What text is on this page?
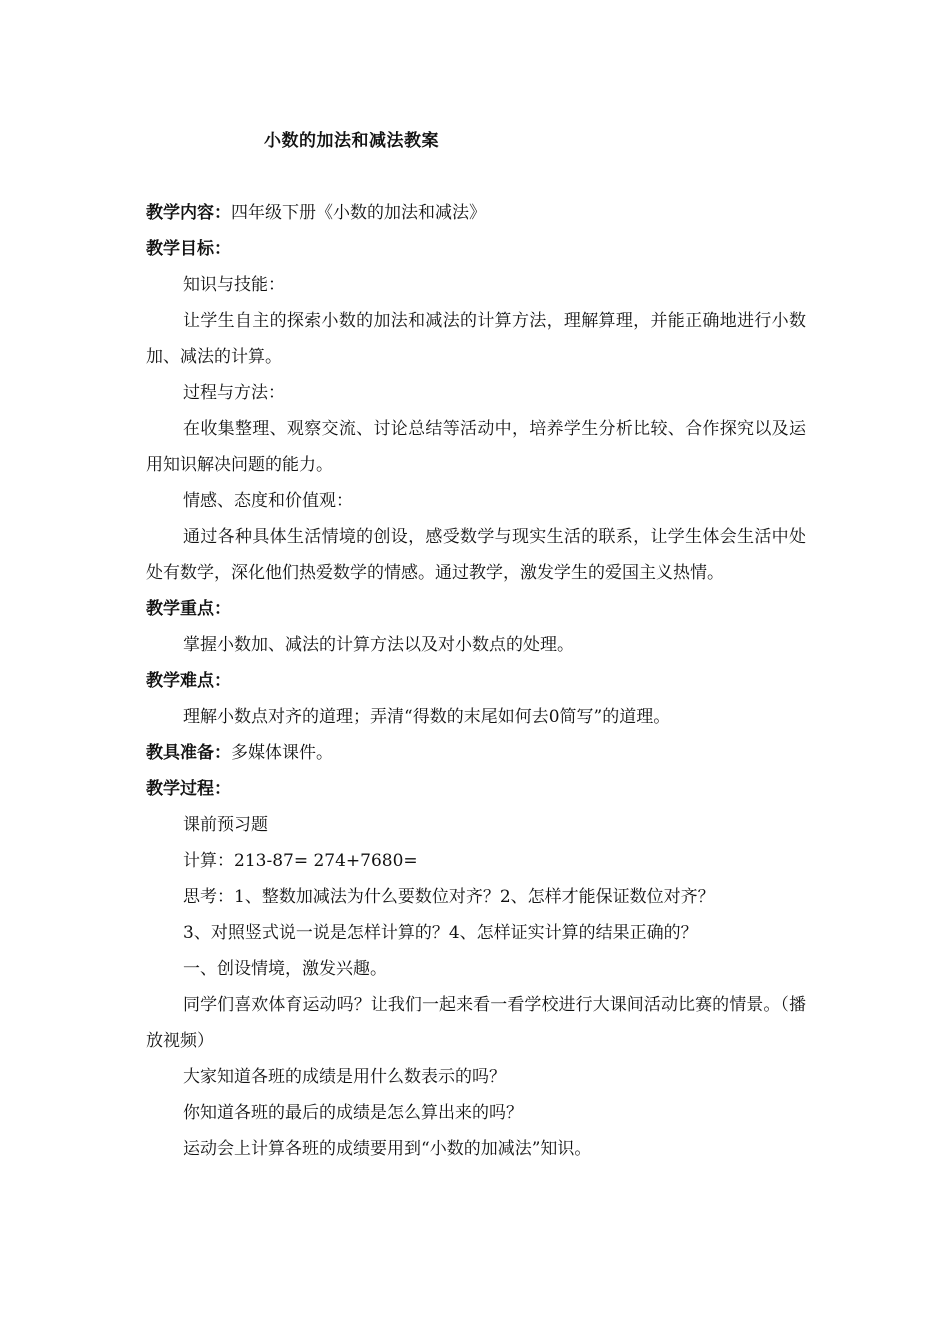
小数的加法和减法教案
教学内容：四年级下册《小数的加法和减法》
教学目标：
知识与技能：
让学生自主的探索小数的加法和减法的计算方法，理解算理，并能正确地进行小数加、减法的计算。
过程与方法：
在收集整理、观察交流、讨论总结等活动中，培养学生分析比较、合作探究以及运用知识解决问题的能力。
情感、态度和价值观：
通过各种具体生活情境的创设，感受数学与现实生活的联系，让学生体会生活中处处有数学，深化他们热爱数学的情感。通过教学，激发学生的爱国主义热情。
教学重点：
掌握小数加、减法的计算方法以及对小数点的处理。
教学难点：
理解小数点对齐的道理；弄清“得数的末尾如何去0简写”的道理。
教具准备：多媒体课件。
教学过程：
课前预习题
计算：213-87= 274+7680=
思考：1、整数加减法为什么要数位对齐？2、怎样才能保证数位对齐？
3、对照竖式说一说是怎样计算的？4、怎样证实计算的结果正确的？
一、创设情境，激发兴趣。
同学们喜欢体育运动吗？让我们一起来看一看学校进行大课间活动比赛的情景。（播放视频）
大家知道各班的成绩是用什么数表示的吗？
你知道各班的最后的成绩是怎么算出来的吗？
运动会上计算各班的成绩要用到“小数的加减法”知识。
